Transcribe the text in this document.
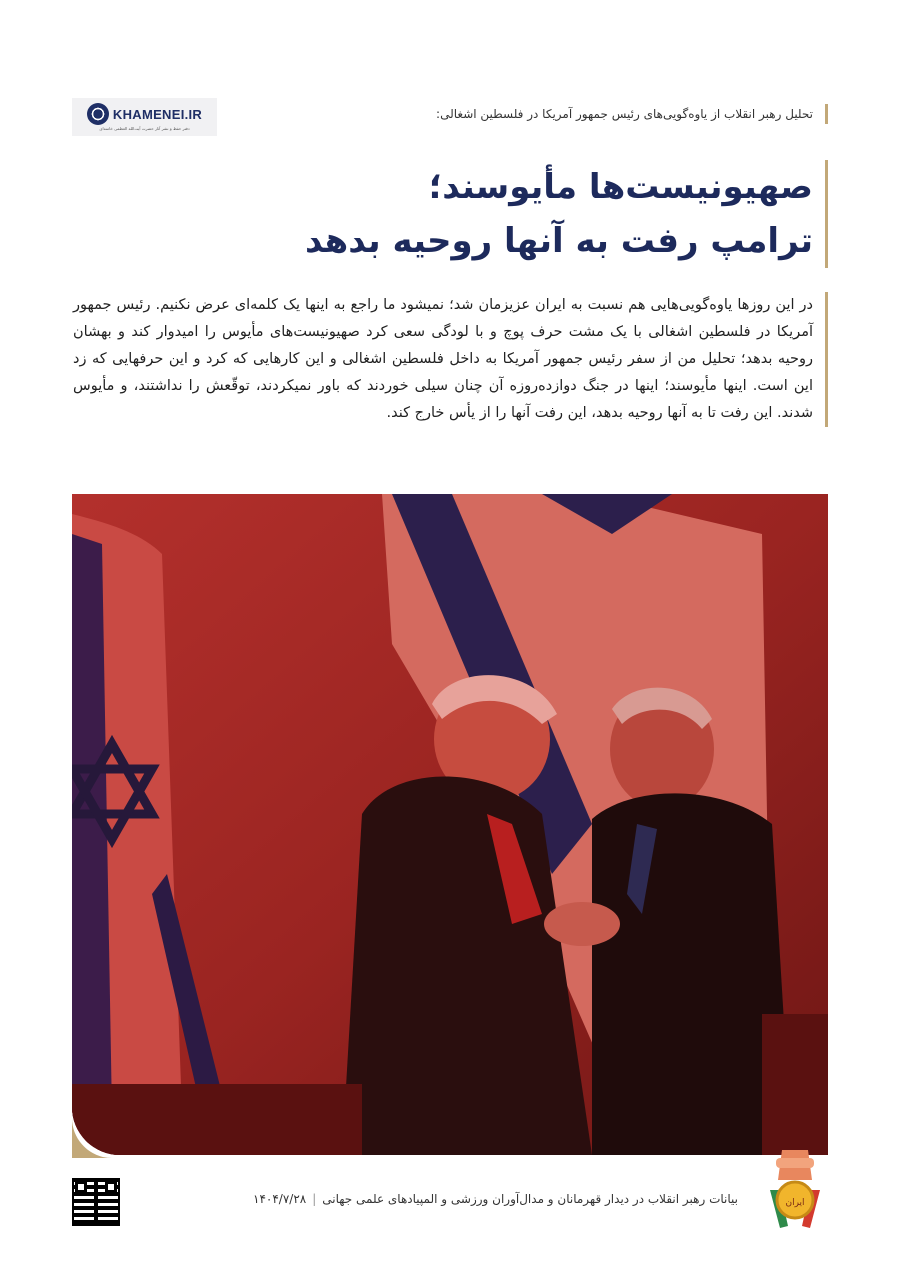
KHAMENEI.IR
دفتر حفظ و نشر آثار حضرت آیت‌الله العظمی خامنه‌ای
تحلیل رهبر انقلاب از یاوه‌گویی‌های رئیس جمهور آمریکا در فلسطین اشغالی:
صهیونیست‌ها مأیوسند؛
ترامپ رفت به آنها روحیه بدهد

در این روزها یاوه‌گویی‌هایی هم نسبت به ایران عزیزمان شد؛ نمیشود ما راجع به اینها یک کلمه‌ای عرض نکنیم. رئیس جمهور آمریکا در فلسطین اشغالی با یک مشت حرف پوچ و با لودگی سعی کرد صهیونیست‌های مأیوس را امیدوار کند و بهشان روحیه بدهد؛ تحلیل من از سفر رئیس جمهور آمریکا به داخل فلسطین اشغالی و این کارهایی که کرد و این حرفهایی که زد این است. اینها مأیوسند؛ اینها در جنگ دوازده‌روزه آن چنان سیلی خوردند که باور نمیکردند، توقّعش را نداشتند، و مأیوس شدند. این رفت تا به آنها روحیه بدهد، این رفت آنها را از یأس خارج کند.

بیانات رهبر انقلاب در دیدار قهرمانان و مدال‌آوران ورزشی و المپیادهای علمی جهانی|۱۴۰۴/۷/۲۸	ایران
